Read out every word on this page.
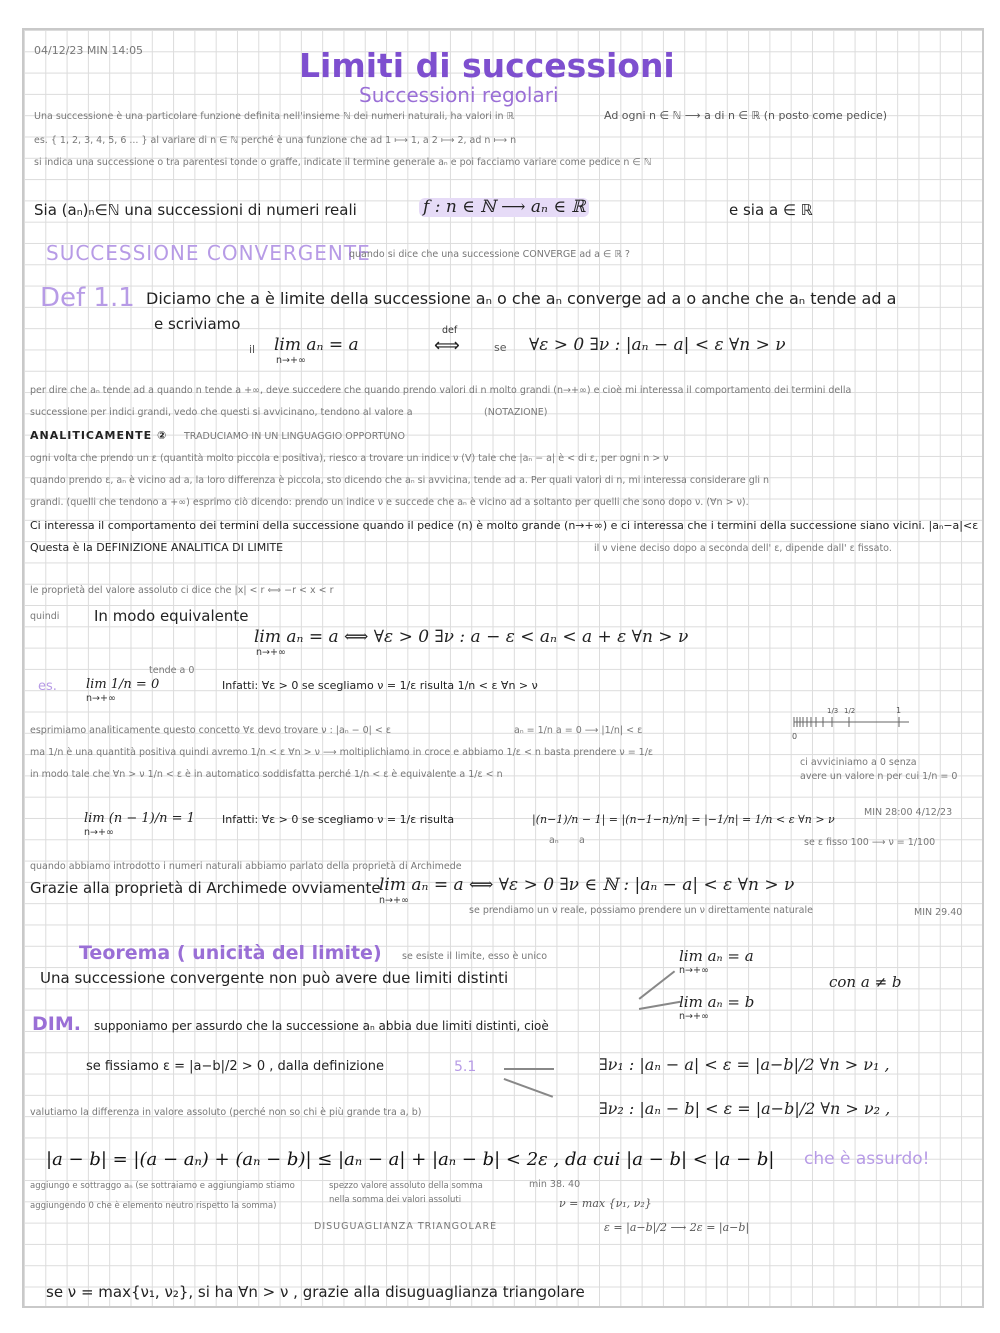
04/12/23 MIN 14:05	Limiti di successioni
Successioni regolari
Una successione è una particolare funzione definita nell'insieme ℕ dei numeri naturali, ha valori in ℝ	Ad ogni n ∈ ℕ ⟶ a di n ∈ ℝ (n posto come pedice)
es. { 1, 2, 3, 4, 5, 6 ... } al variare di n ∈ ℕ perché è una funzione che ad 1 ⟼ 1, a 2 ⟼ 2, ad n ⟼ n
si indica una successione o tra parentesi tonde o graffe, indicate il termine generale aₙ e poi facciamo variare come pedice n ∈ ℕ
Sia (aₙ)ₙ∈ℕ una successioni di numeri reali	f : n ∈ ℕ ⟶ aₙ ∈ ℝ	e sia a ∈ ℝ
SUCCESSIONE CONVERGENTE
quando si dice che una successione CONVERGE ad a ∈ ℝ ?
Def 1.1 Diciamo che a è limite della successione aₙ o che aₙ converge ad a o anche che aₙ tende ad a
e scriviamo
il lim aₙ = a
n→+∞
def
⟺	se ∀ε > 0 ∃ν : |aₙ − a| < ε ∀n > ν
per dire che aₙ tende ad a quando n tende a +∞, deve succedere che quando prendo valori di n molto grandi (n→+∞) e cioè mi interessa il comportamento dei termini della
successione per indici grandi, vedo che questi si avvicinano, tendono al valore a	(NOTAZIONE)
ANALITICAMENTE ② TRADUCIAMO IN UN LINGUAGGIO OPPORTUNO
ogni volta che prendo un ε (quantità molto piccola e positiva), riesco a trovare un indice ν (V) tale che |aₙ − a| è < di ε, per ogni n > ν
quando prendo ε, aₙ è vicino ad a, la loro differenza è piccola, sto dicendo che aₙ si avvicina, tende ad a. Per quali valori di n, mi interessa considerare gli n
grandi. (quelli che tendono a +∞) esprimo ciò dicendo: prendo un indice ν e succede che aₙ è vicino ad a soltanto per quelli che sono dopo ν. (∀n > ν).
Ci interessa il comportamento dei termini della successione quando il pedice (n) è molto grande (n→+∞) e ci interessa che i termini della successione siano vicini. |aₙ−a|<ε
Questa è la DEFINIZIONE ANALITICA DI LIMITE	il ν viene deciso dopo a seconda dell' ε, dipende dall' ε fissato.
le proprietà del valore assoluto ci dice che |x| < r ⟺ −r < x < r
quindi In modo equivalente
lim aₙ = a ⟺ ∀ε > 0 ∃ν : a − ε < aₙ < a + ε ∀n > ν
n→+∞
es. lim 1/n = 0
n→+∞
tende a 0
Infatti: ∀ε > 0 se scegliamo ν = 1/ε risulta 1/n < ε ∀n > ν
esprimiamo analiticamente questo concetto ∀ε devo trovare ν : |aₙ − 0| < ε	aₙ = 1/n a = 0 ⟶ |1/n| < ε
ma 1/n è una quantità positiva quindi avremo 1/n < ε ∀n > ν ⟶ moltiplichiamo in croce e abbiamo 1/ε < n basta prendere ν = 1/ε
in modo tale che ∀n > ν 1/n < ε è in automatico soddisfatta perché 1/n < ε è equivalente a 1/ε < n
0
1/3 1/2	1
ci avviciniamo a 0 senza
avere un valore n per cui 1/n = 0
lim (n − 1)/n = 1
n→+∞
Infatti: ∀ε > 0 se scegliamo ν = 1/ε risulta	|(n−1)/n − 1| = |(n−1−n)/n| = |−1/n| = 1/n < ε ∀n > ν
aₙ a
MIN 28:00 4/12/23
se ε fisso 100 ⟶ ν = 1/100
quando abbiamo introdotto i numeri naturali abbiamo parlato della proprietà di Archimede
Grazie alla proprietà di Archimede ovviamente
lim aₙ = a ⟺ ∀ε > 0 ∃ν ∈ ℕ : |aₙ − a| < ε ∀n > ν
n→+∞
se prendiamo un ν reale, possiamo prendere un ν direttamente naturale	MIN 29.40
Teorema ( unicità del limite) se esiste il limite, esso è unico
Una successione convergente non può avere due limiti distinti
lim aₙ = a
n→+∞
lim aₙ = b
n→+∞
con a ≠ b
DIM. supponiamo per assurdo che la successione aₙ abbia due limiti distinti, cioè
se fissiamo ε = |a−b|/2 > 0 , dalla definizione	5.1	∃ν₁ : |aₙ − a| < ε = |a−b|/2 ∀n > ν₁ ,
∃ν₂ : |aₙ − b| < ε = |a−b|/2 ∀n > ν₂ ,
valutiamo la differenza in valore assoluto (perché non so chi è più grande tra a, b)
|a − b| = |(a − aₙ) + (aₙ − b)| ≤ |aₙ − a| + |aₙ − b| < 2ε , da cui |a − b| < |a − b| che è assurdo!
aggiungo e sottraggo aₙ (se sottraiamo e aggiungiamo stiamo
aggiungendo 0 che è elemento neutro rispetto la somma)
spezzo valore assoluto della somma
nella somma dei valori assoluti
min 38. 40
ν = max {ν₁, ν₂}
ε = |a−b|/2 ⟶ 2ε = |a−b|
DISUGUAGLIANZA TRIANGOLARE
se ν = max{ν₁, ν₂}, si ha ∀n > ν , grazie alla disuguaglianza triangolare
